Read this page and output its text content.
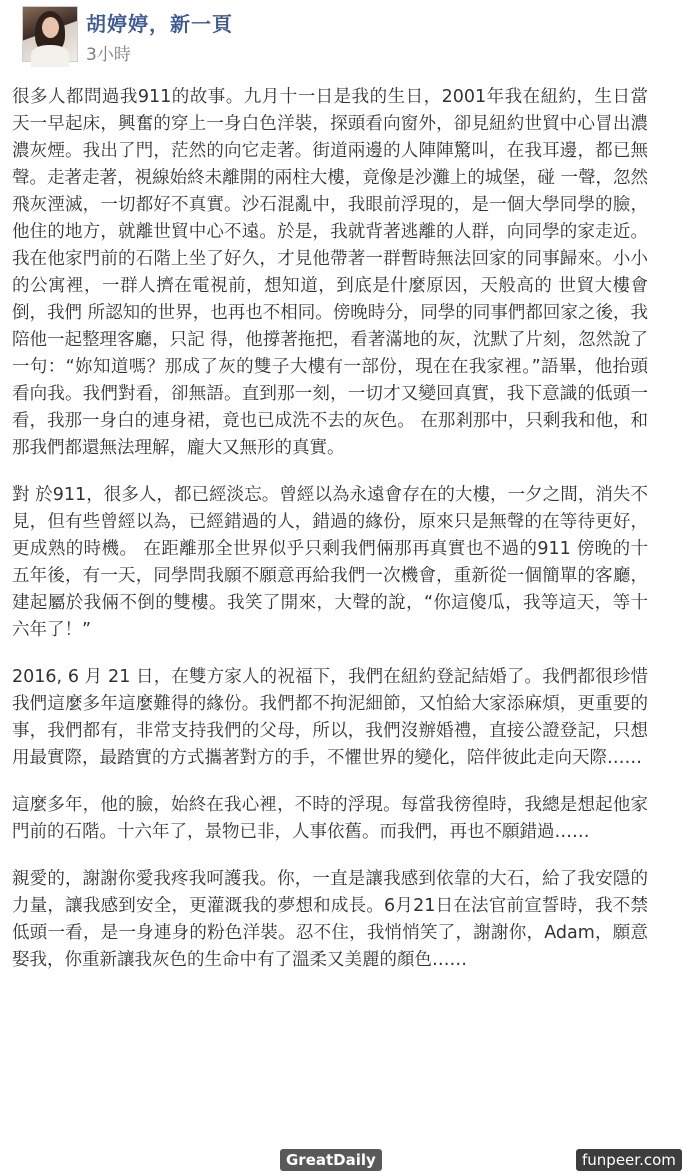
胡婷婷，新一頁
3小時

很多人都問過我911的故事。九月十一日是我的生日，2001年我在紐約，生日當天一早起床，興奮的穿上一身白色洋裝，探頭看向窗外，卻見紐約世貿中心冒出濃濃灰煙。我出了門，茫然的向它走著。街道兩邊的人陣陣驚叫，在我耳邊，都已無聲。走著走著，視線始終未離開的兩柱大樓，竟像是沙灘上的城堡，碰 一聲，忽然飛灰湮滅，一切都好不真實。沙石混亂中，我眼前浮現的，是一個大學同學的臉，他住的地方，就離世貿中心不遠。於是，我就背著逃離的人群，向同學的家走近。我在他家門前的石階上坐了好久，才見他帶著一群暫時無法回家的同事歸來。小小的公寓裡，一群人擠在電視前，想知道，到底是什麼原因，天般高的 世貿大樓會倒，我們 所認知的世界，也再也不相同。傍晚時分，同學的同事們都回家之後，我陪他一起整理客廳，只記 得，他撐著拖把，看著滿地的灰，沈默了片刻，忽然說了一句：“妳知道嗎？那成了灰的雙子大樓有一部份，現在在我家裡。”語畢，他抬頭看向我。我們對看，卻無語。直到那一刻，一切才又變回真實，我下意識的低頭一看，我那一身白的連身裙，竟也已成洗不去的灰色。 在那剎那中，只剩我和他，和那我們都還無法理解，龐大又無形的真實。

對 於911，很多人，都已經淡忘。曾經以為永遠會存在的大樓，一夕之間，消失不見，但有些曾經以為，已經錯過的人，錯過的緣份，原來只是無聲的在等待更好，更成熟的時機。 在距離那全世界似乎只剩我們倆那再真實也不過的911 傍晚的十五年後，有一天，同學問我願不願意再給我們一次機會，重新從一個簡單的客廳，建起屬於我倆不倒的雙樓。我笑了開來，大聲的說，“你這傻瓜，我等這天，等十六年了！”

2016, 6 月 21 日，在雙方家人的祝福下，我們在紐約登記結婚了。我們都很珍惜我們這麼多年這麼難得的緣份。我們都不拘泥細節，又怕給大家添麻煩，更重要的事，我們都有，非常支持我們的父母，所以，我們沒辦婚禮，直接公證登記，只想用最實際，最踏實的方式攜著對方的手，不懼世界的變化，陪伴彼此走向天際……

這麼多年，他的臉，始終在我心裡，不時的浮現。每當我徬徨時，我總是想起他家門前的石階。十六年了，景物已非，人事依舊。而我們，再也不願錯過……

親愛的，謝謝你愛我疼我呵護我。你，一直是讓我感到依靠的大石，給了我安隱的力量，讓我感到安全，更灌溉我的夢想和成長。6月21日在法官前宣誓時，我不禁低頭一看，是一身連身的粉色洋裝。忍不住，我悄悄笑了，謝謝你，Adam，願意娶我，你重新讓我灰色的生命中有了溫柔又美麗的顏色……

GreatDaily	funpeer.com
